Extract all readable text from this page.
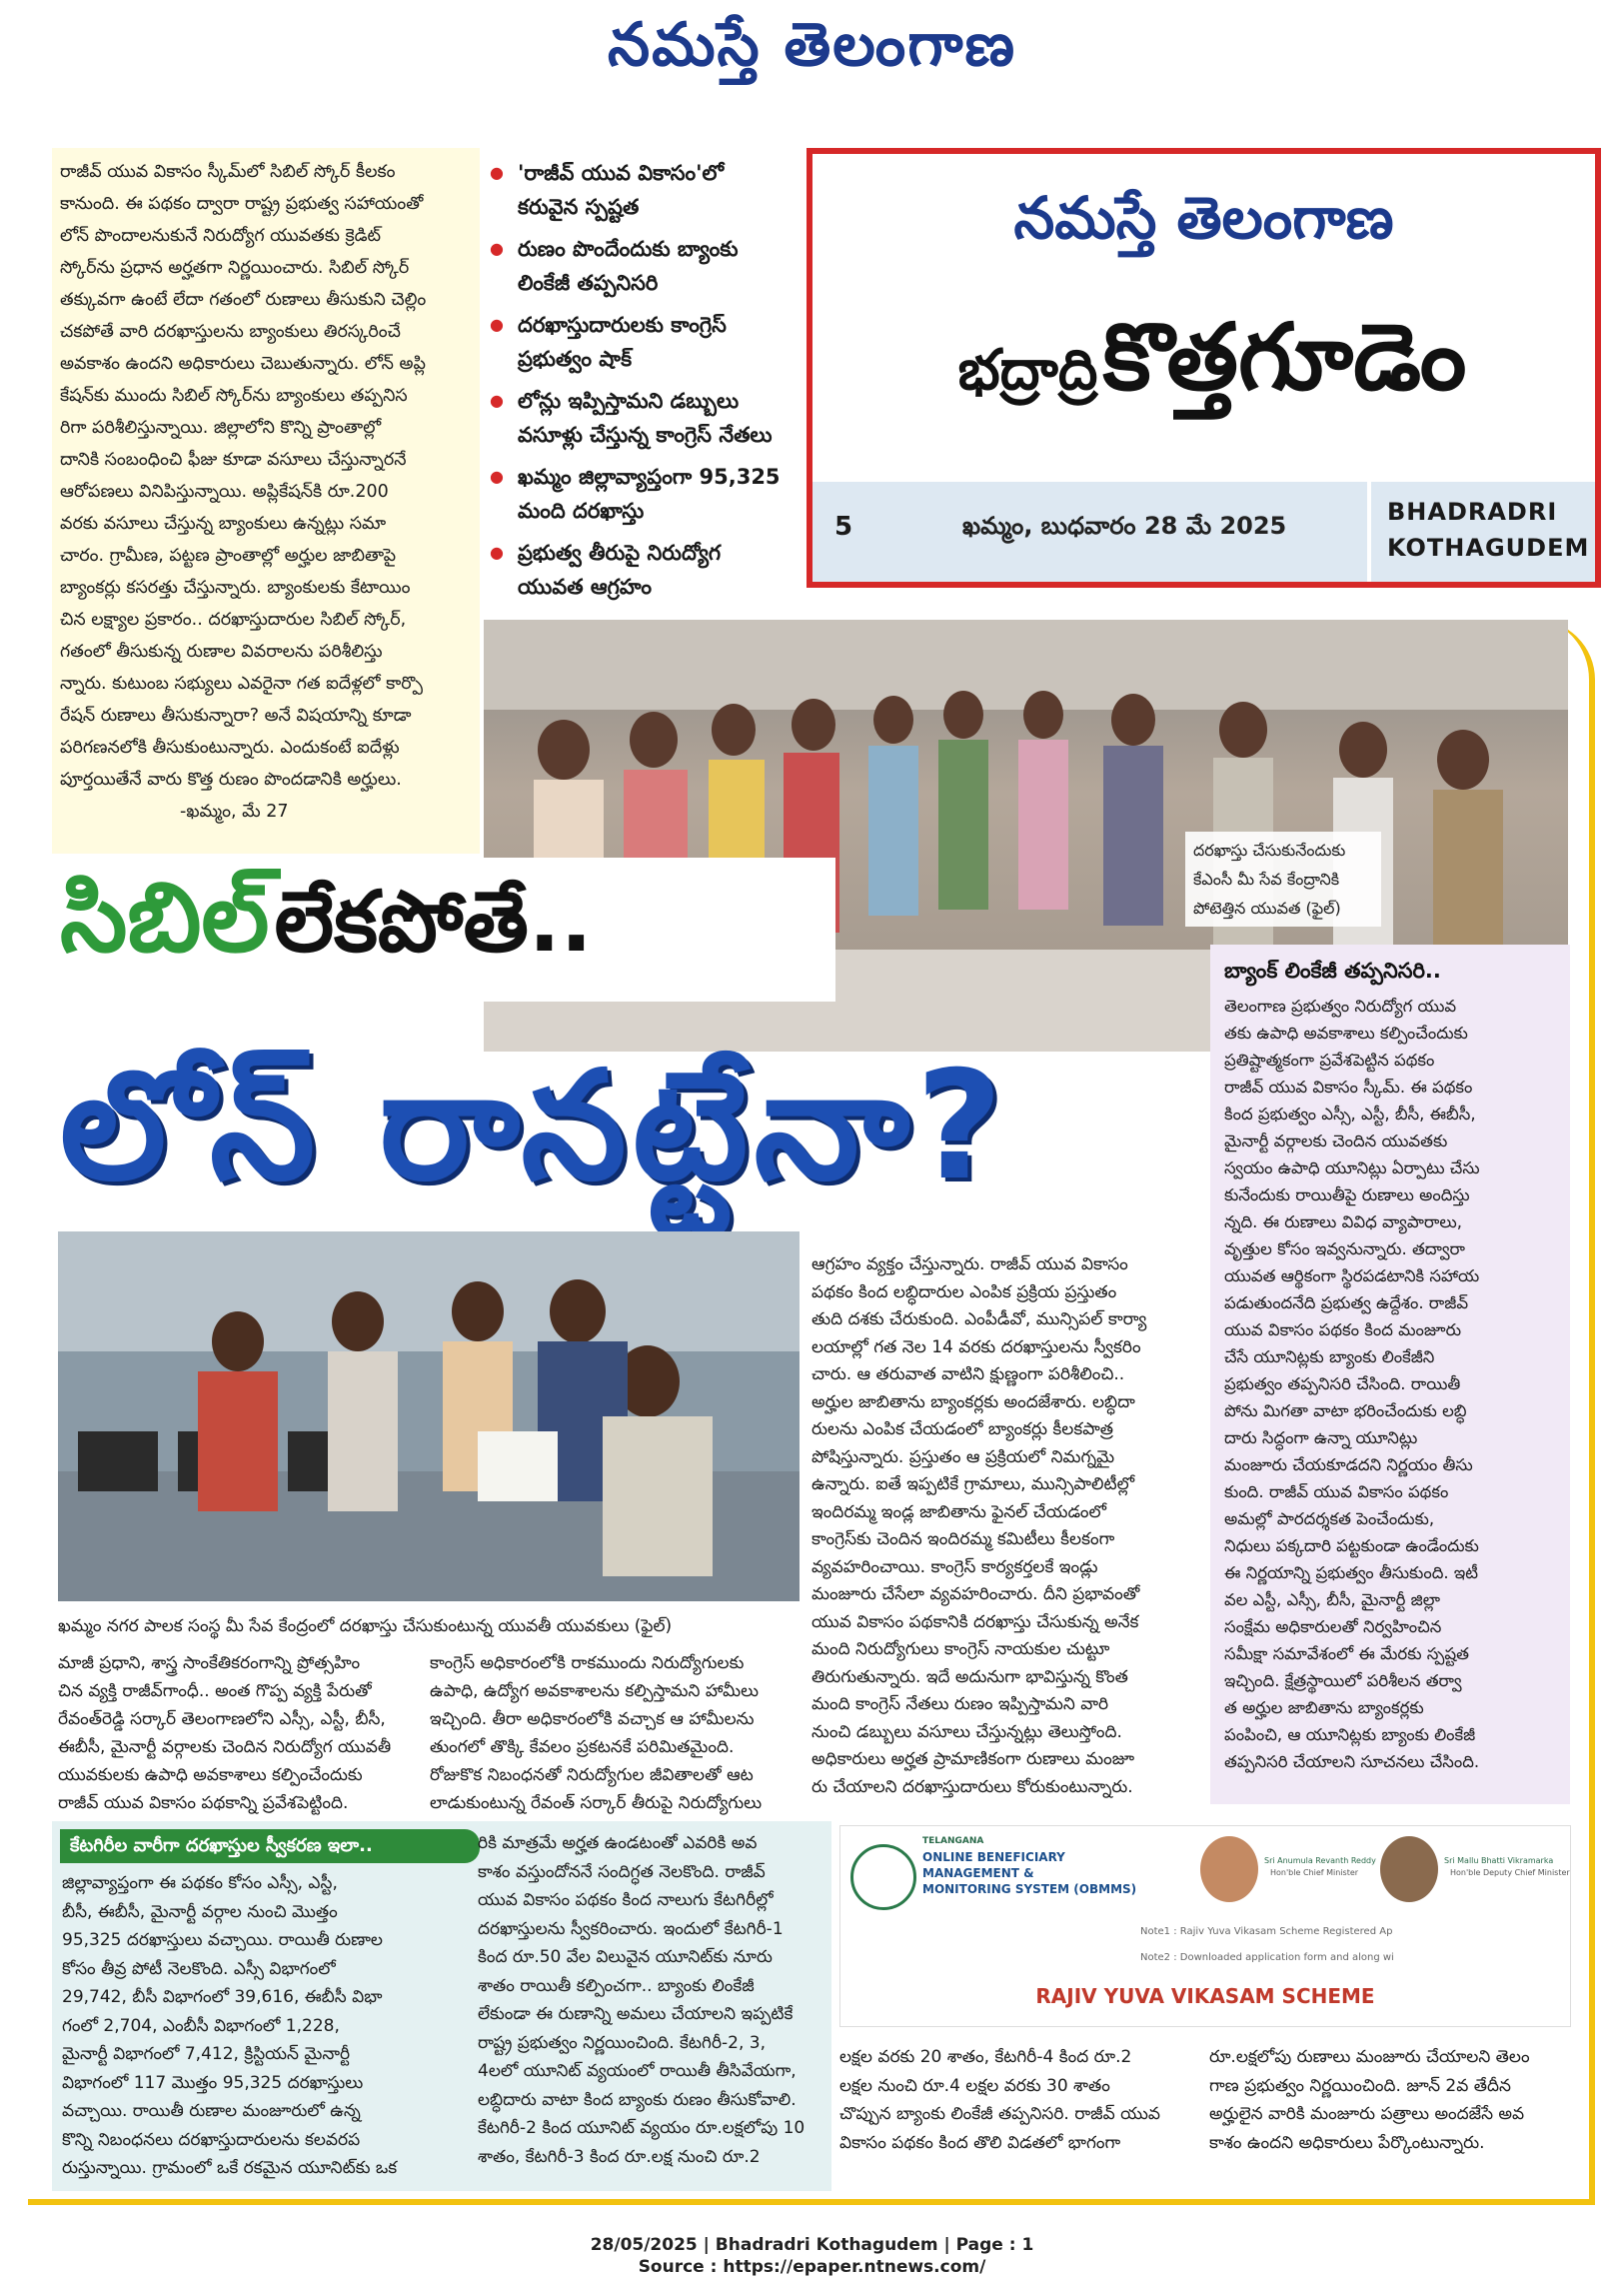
నమస్తే తెలంగాణ
రాజీవ్ యువ వికాసం స్కీమ్‌లో సిబిల్ స్కోర్ కీలకం
కానుంది. ఈ పథకం ద్వారా రాష్ట్ర ప్రభుత్వ సహాయంతో
లోన్ పొందాలనుకునే నిరుద్యోగ యువతకు క్రెడిట్
స్కోర్‌ను ప్రధాన అర్హతగా నిర్ణయించారు. సిబిల్ స్కోర్
తక్కువగా ఉంటే లేదా గతంలో రుణాలు తీసుకుని చెల్లిం
చకపోతే వారి దరఖాస్తులను బ్యాంకులు తిరస్కరించే
అవకాశం ఉందని అధికారులు చెబుతున్నారు. లోన్ అప్లి
కేషన్‌కు ముందు సిబిల్ స్కోర్‌ను బ్యాంకులు తప్పనిస
రిగా పరిశీలిస్తున్నాయి. జిల్లాలోని కొన్ని ప్రాంతాల్లో
దానికి సంబంధించి ఫీజు కూడా వసూలు చేస్తున్నారనే
ఆరోపణలు వినిపిస్తున్నాయి. అప్లికేషన్‌కి రూ.200
వరకు వసూలు చేస్తున్న బ్యాంకులు ఉన్నట్లు సమా
చారం. గ్రామీణ, పట్టణ ప్రాంతాల్లో అర్హుల జాబితాపై
బ్యాంకర్లు కసరత్తు చేస్తున్నారు. బ్యాంకులకు కేటాయిం
చిన లక్ష్యాల ప్రకారం.. దరఖాస్తుదారుల సిబిల్ స్కోర్,
గతంలో తీసుకున్న రుణాల వివరాలను పరిశీలిస్తు
న్నారు. కుటుంబ సభ్యులు ఎవరైనా గత ఐదేళ్లలో కార్పొ
రేషన్ రుణాలు తీసుకున్నారా? అనే విషయాన్ని కూడా
పరిగణనలోకి తీసుకుంటున్నారు. ఎందుకంటే ఐదేళ్లు
పూర్తయితేనే వారు కొత్త రుణం పొందడానికి అర్హులు.
-ఖమ్మం, మే 27
● 'రాజీవ్ యువ వికాసం'లో కరువైన స్పష్టత
● రుణం పొందేందుకు బ్యాంకు లింకేజీ తప్పనిసరి
● దరఖాస్తుదారులకు కాంగ్రెస్ ప్రభుత్వం షాక్
● లోన్లు ఇప్పిస్తామని డబ్బులు వసూళ్లు చేస్తున్న కాంగ్రెస్ నేతలు
● ఖమ్మం జిల్లావ్యాప్తంగా 95,325 మంది దరఖాస్తు
● ప్రభుత్వ తీరుపై నిరుద్యోగ యువత ఆగ్రహం
నమస్తే తెలంగాణ
భద్రాద్రి కొత్తగూడెం
5	ఖమ్మం, బుధవారం 28 మే 2025	BHADRADRI
KOTHAGUDEM
దరఖాస్తు చేసుకునేందుకు
కేఎంసీ మీ సేవ కేంద్రానికి
పోటెత్తిన యువత (ఫైల్)
సిబిల్ లేకపోతే..
లోన్ రానట్టేనా?
బ్యాంక్ లింకేజీ తప్పనిసరి..
తెలంగాణ ప్రభుత్వం నిరుద్యోగ యువ
తకు ఉపాధి అవకాశాలు కల్పించేందుకు
ప్రతిష్టాత్మకంగా ప్రవేశపెట్టిన పథకం
రాజీవ్ యువ వికాసం స్కీమ్. ఈ పథకం
కింద ప్రభుత్వం ఎస్సీ, ఎస్టీ, బీసీ, ఈబీసీ,
మైనార్టీ వర్గాలకు చెందిన యువతకు
స్వయం ఉపాధి యూనిట్లు ఏర్పాటు చేసు
కునేందుకు రాయితీపై రుణాలు అందిస్తు
న్నది. ఈ రుణాలు వివిధ వ్యాపారాలు,
వృత్తుల కోసం ఇవ్వనున్నారు. తద్వారా
యువత ఆర్థికంగా స్థిరపడటానికి సహాయ
పడుతుందనేది ప్రభుత్వ ఉద్దేశం. రాజీవ్
యువ వికాసం పథకం కింద మంజూరు
చేసే యూనిట్లకు బ్యాంకు లింకేజీని
ప్రభుత్వం తప్పనిసరి చేసింది. రాయితీ
పోను మిగతా వాటా భరించేందుకు లబ్ధి
దారు సిద్ధంగా ఉన్నా యూనిట్లు
మంజూరు చేయకూడదని నిర్ణయం తీసు
కుంది. రాజీవ్ యువ వికాసం పథకం
అమల్లో పారదర్శకత పెంచేందుకు,
నిధులు పక్కదారి పట్టకుండా ఉండేందుకు
ఈ నిర్ణయాన్ని ప్రభుత్వం తీసుకుంది. ఇటీ
వల ఎస్టీ, ఎస్సీ, బీసీ, మైనార్టీ జిల్లా
సంక్షేమ అధికారులతో నిర్వహించిన
సమీక్షా సమావేశంలో ఈ మేరకు స్పష్టత
ఇచ్చింది. క్షేత్రస్థాయిలో పరిశీలన తర్వా
త అర్హుల జాబితాను బ్యాంకర్లకు
పంపించి, ఆ యూనిట్లకు బ్యాంకు లింకేజీ
తప్పనిసరి చేయాలని సూచనలు చేసింది.
ఖమ్మం నగర పాలక సంస్థ మీ సేవ కేంద్రంలో దరఖాస్తు చేసుకుంటున్న యువతీ యువకులు (ఫైల్)
ఆగ్రహం వ్యక్తం చేస్తున్నారు. రాజీవ్ యువ వికాసం
పథకం కింద లబ్ధిదారుల ఎంపిక ప్రక్రియ ప్రస్తుతం
తుది దశకు చేరుకుంది. ఎంపీడీవో, మున్సిపల్ కార్యా
లయాల్లో గత నెల 14 వరకు దరఖాస్తులను స్వీకరిం
చారు. ఆ తరువాత వాటిని క్షుణ్ణంగా పరిశీలించి..
అర్హుల జాబితాను బ్యాంకర్లకు అందజేశారు. లబ్ధిదా
రులను ఎంపిక చేయడంలో బ్యాంకర్లు కీలకపాత్ర
పోషిస్తున్నారు. ప్రస్తుతం ఆ ప్రక్రియలో నిమగ్నమై
ఉన్నారు. ఐతే ఇప్పటికే గ్రామాలు, మున్సిపాలిటీల్లో
ఇందిరమ్మ ఇండ్ల జాబితాను ఫైనల్ చేయడంలో
కాంగ్రెస్‌కు చెందిన ఇందిరమ్మ కమిటీలు కీలకంగా
వ్యవహరించాయి. కాంగ్రెస్ కార్యకర్తలకే ఇండ్లు
మంజూరు చేసేలా వ్యవహరించారు. దీని ప్రభావంతో
యువ వికాసం పథకానికి దరఖాస్తు చేసుకున్న అనేక
మంది నిరుద్యోగులు కాంగ్రెస్ నాయకుల చుట్టూ
తిరుగుతున్నారు. ఇదే అదునుగా భావిస్తున్న కొంత
మంది కాంగ్రెస్ నేతలు రుణం ఇప్పిస్తామని వారి
నుంచి డబ్బులు వసూలు చేస్తున్నట్లు తెలుస్తోంది.
అధికారులు అర్హత ప్రామాణికంగా రుణాలు మంజూ
రు చేయాలని దరఖాస్తుదారులు కోరుకుంటున్నారు.
మాజీ ప్రధాని, శాస్త్ర సాంకేతికరంగాన్ని ప్రోత్సహిం
చిన వ్యక్తి రాజీవ్‌గాంధీ.. అంత గొప్ప వ్యక్తి పేరుతో
రేవంత్‌రెడ్డి సర్కార్ తెలంగాణలోని ఎస్సీ, ఎస్టీ, బీసీ,
ఈబీసీ, మైనార్టీ వర్గాలకు చెందిన నిరుద్యోగ యువతీ
యువకులకు ఉపాధి అవకాశాలు కల్పించేందుకు
రాజీవ్ యువ వికాసం పథకాన్ని ప్రవేశపెట్టింది.
కాంగ్రెస్ అధికారంలోకి రాకముందు నిరుద్యోగులకు
ఉపాధి, ఉద్యోగ అవకాశాలను కల్పిస్తామని హామీలు
ఇచ్చింది. తీరా అధికారంలోకి వచ్చాక ఆ హామీలను
తుంగలో తొక్కి కేవలం ప్రకటనకే పరిమితమైంది.
రోజుకొక నిబంధనతో నిరుద్యోగుల జీవితాలతో ఆట
లాడుకుంటున్న రేవంత్ సర్కార్ తీరుపై నిరుద్యోగులు
కేటగిరీల వారీగా దరఖాస్తుల స్వీకరణ ఇలా..
జిల్లావ్యాప్తంగా ఈ పథకం కోసం ఎస్సీ, ఎస్టీ,
బీసీ, ఈబీసీ, మైనార్టీ వర్గాల నుంచి మొత్తం
95,325 దరఖాస్తులు వచ్చాయి. రాయితీ రుణాల
కోసం తీవ్ర పోటీ నెలకొంది. ఎస్సీ విభాగంలో
29,742, బీసీ విభాగంలో 39,616, ఈబీసీ విభా
గంలో 2,704, ఎంబీసీ విభాగంలో 1,228,
మైనార్టీ విభాగంలో 7,412, క్రిస్టియన్ మైనార్టీ
విభాగంలో 117 మొత్తం 95,325 దరఖాస్తులు
వచ్చాయి. రాయితీ రుణాల మంజూరులో ఉన్న
కొన్ని నిబంధనలు దరఖాస్తుదారులను కలవరప
రుస్తున్నాయి. గ్రామంలో ఒకే రకమైన యూనిట్‌కు ఒక
రికి మాత్రమే అర్హత ఉండటంతో ఎవరికి అవ
కాశం వస్తుందోననే సందిగ్ధత నెలకొంది. రాజీవ్
యువ వికాసం పథకం కింద నాలుగు కేటగిరీల్లో
దరఖాస్తులను స్వీకరించారు. ఇందులో కేటగిరీ-1
కింద రూ.50 వేల విలువైన యూనిట్‌కు నూరు
శాతం రాయితీ కల్పించగా.. బ్యాంకు లింకేజీ
లేకుండా ఈ రుణాన్ని అమలు చేయాలని ఇప్పటికే
రాష్ట్ర ప్రభుత్వం నిర్ణయించింది. కేటగిరీ-2, 3,
4లలో యూనిట్ వ్యయంలో రాయితీ తీసివేయగా,
లబ్ధిదారు వాటా కింద బ్యాంకు రుణం తీసుకోవాలి.
కేటగిరీ-2 కింద యూనిట్ వ్యయం రూ.లక్షలోపు 10
శాతం, కేటగిరీ-3 కింద రూ.లక్ష నుంచి రూ.2
TELANGANA
ONLINE BENEFICIARY
MANAGEMENT &
MONITORING SYSTEM (OBMMS)
Sri Anumula Revanth Reddy
Hon'ble Chief Minister
Sri Mallu Bhatti Vikramarka
Hon'ble Deputy Chief Minister
Note1 : Rajiv Yuva Vikasam Scheme Registered Ap
Note2 : Downloaded application form and along wi
RAJIV YUVA VIKASAM SCHEME
లక్షల వరకు 20 శాతం, కేటగిరీ-4 కింద రూ.2
లక్షల నుంచి రూ.4 లక్షల వరకు 30 శాతం
చొప్పున బ్యాంకు లింకేజీ తప్పనిసరి. రాజీవ్ యువ
వికాసం పథకం కింద తొలి విడతలో భాగంగా
రూ.లక్షలోపు రుణాలు మంజూరు చేయాలని తెలం
గాణ ప్రభుత్వం నిర్ణయించింది. జూన్ 2వ తేదీన
అర్హులైన వారికి మంజూరు పత్రాలు అందజేసే అవ
కాశం ఉందని అధికారులు పేర్కొంటున్నారు.
28/05/2025 | Bhadradri Kothagudem | Page : 1
Source : https://epaper.ntnews.com/
